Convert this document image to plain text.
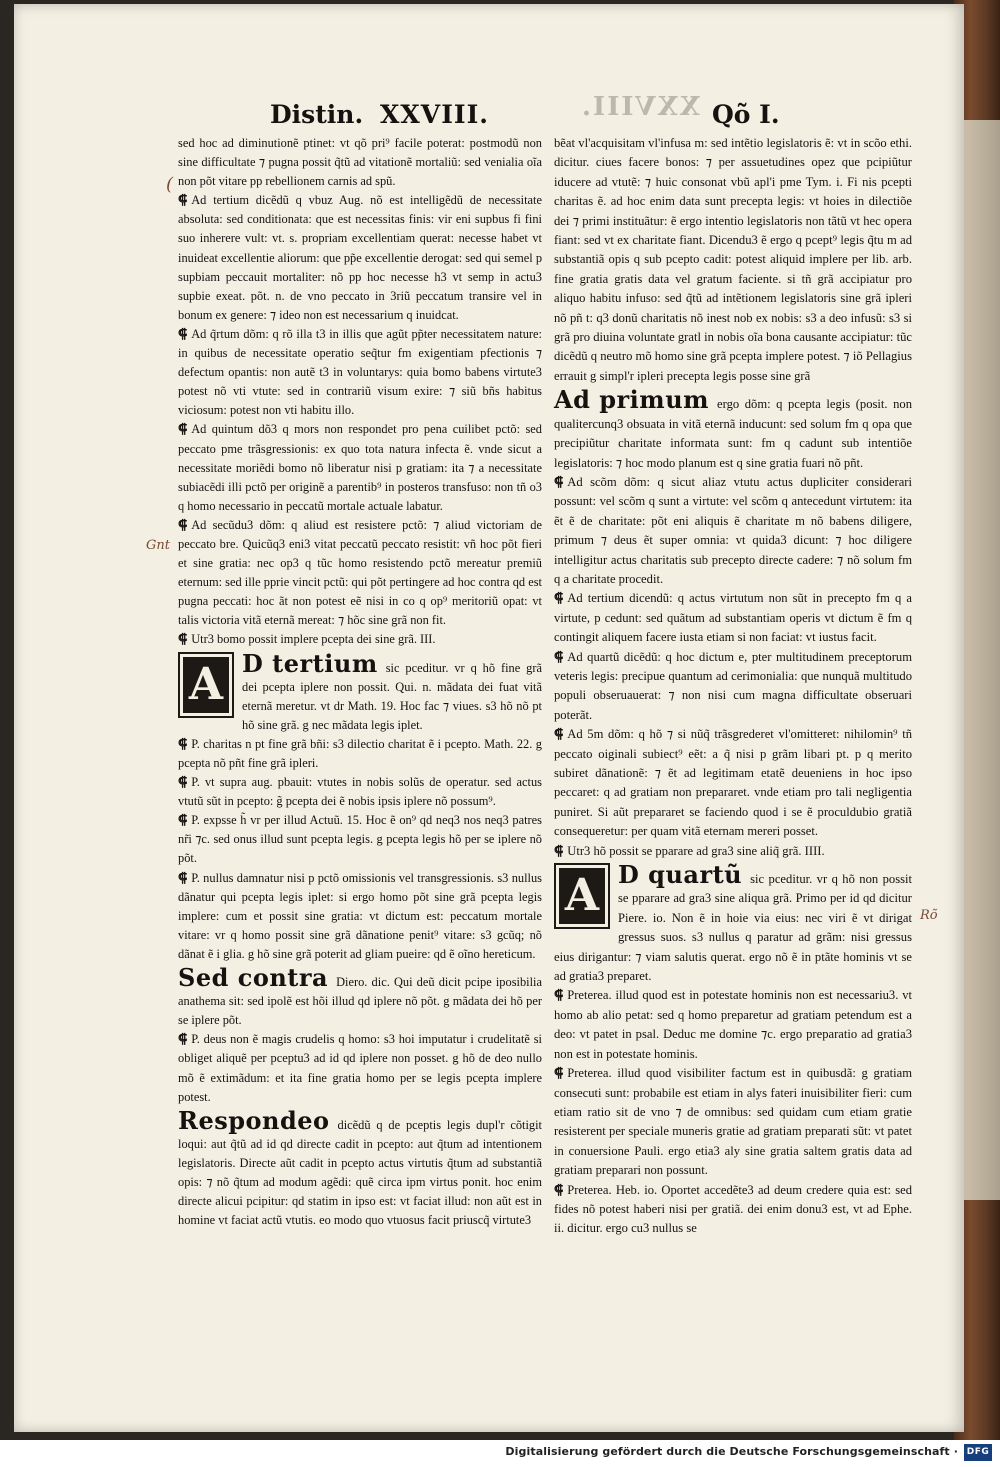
XXVIII.
Distin. XXVIII.	Qõ I.
(
Gnt
Rõ

sed hoc ad diminutionẽ ptinet: vt qõ pri⁹ facile poterat: postmodũ non sine difficultate ⁊ pugna possit q̃tũ ad vitationẽ mortaliũ: sed venialia oĩa non põt vitare pp rebellionem carnis ad spũ.

⸿ Ad tertium dicẽdũ q vbuz Aug. nõ est intelligẽdũ de necessitate absoluta: sed conditionata: que est necessitas finis: vir eni supbus fi fini suo inherere vult: vt. s. propriam excellentiam querat: necesse habet vt inuideat excellentie aliorum: que pp̃e excellentie derogat: sed qui semel p supbiam peccauit mortaliter: nõ pp hoc necesse h3 vt semp in actu3 supbie exeat. põt. n. de vno peccato in 3riũ peccatum transire vel in bonum ex genere: ⁊ ideo non est necessarium q inuidcat.

⸿ Ad q̃rtum dõm: q rõ illa t3 in illis que agũt pp̃ter necessitatem nature: in quibus de necessitate operatio seq̃tur fm exigentiam pfectionis ⁊ defectum opantis: non autẽ t3 in voluntarys: quia bomo babens virtute3 potest nõ vti vtute: sed in contrariũ visum exire: ⁊ siũ bñs habitus viciosum: potest non vti habitu illo.

⸿ Ad quintum dõ3 q mors non respondet pro pena cuilibet pctõ: sed peccato pme trãsgressionis: ex quo tota natura infecta ẽ. vnde sicut a necessitate moriẽdi bomo nõ liberatur nisi p gratiam: ita ⁊ a necessitate subiacẽdi illi pctõ per originẽ a parentib⁹ in posteros transfuso: non tñ o3 q homo necessario in peccatũ mortale actuale labatur.

⸿ Ad secũdu3 dõm: q aliud est resistere pctõ: ⁊ aliud victoriam de peccato bre. Quicũq3 eni3 vitat peccatũ peccato resistit: vñ hoc põt fieri et sine gratia: nec op3 q tũc homo resistendo pctõ mereatur premiũ eternum: sed ille pprie vincit pctũ: qui põt pertingere ad hoc contra qd est pugna peccati: hoc ãt non potest eẽ nisi in co q op⁹ meritoriũ opat: vt talis victoria vitã eternã mereat: ⁊ hõc sine grã non fit.

⸿ Utr3 bomo possit implere pcepta dei sine grã. III.

A D tertium sic pceditur. vr q hõ fine grã dei pcepta iplere non possit. Qui. n. mãdata dei fuat vitã eternã meretur. vt dr Math. 19. Hoc fac ⁊ viues. s3 hõ nõ pt hõ sine grã. g nec mãdata legis iplet.

⸿ P. charitas n pt fine grã bñi: s3 dilectio charitat ẽ i pcepto. Math. 22. g pcepta nõ pñt fine grã ipleri.

⸿ P. vt supra aug. pbauit: vtutes in nobis solũs de operatur. sed actus vtutũ sũt in pcepto: g̃ pcepta dei ẽ nobis ipsis iplere nõ possum⁹.

⸿ P. expsse h̃ vr per illud Actuũ. 15. Hoc ẽ on⁹ qd neq3 nos neq3 patres nr̃i ⁊c. sed onus illud sunt pcepta legis. g pcepta legis hõ per se iplere nõ põt.

⸿ P. nullus damnatur nisi p pctõ omissionis vel transgressionis. s3 nullus dãnatur qui pcepta legis iplet: si ergo homo põt sine grã pcepta legis implere: cum et possit sine gratia: vt dictum est: peccatum mortale vitare: vr q homo possit sine grã dãnatione penit⁹ vitare: s3 gcũq; nõ dãnat ẽ i glia. g hõ sine grã poterit ad gliam pueire: qd ẽ oĩno hereticum.

Sed contra Diero. dic. Qui deũ dicit pcipe iposibilia anathema sit: sed ipolẽ est hõi illud qd iplere nõ põt. g mãdata dei hõ per se iplere põt.

⸿ P. deus non ẽ magis crudelis q homo: s3 hoi imputatur i crudelitatẽ si obliget aliquẽ per pceptu3 ad id qd iplere non posset. g hõ de deo nullo mõ ẽ extimãdum: et ita fine gratia homo per se legis pcepta implere potest.

Respondeo dicẽdũ q de pceptis legis dupl'r cõtigit loqui: aut q̃tũ ad id qd directe cadit in pcepto: aut q̃tum ad intentionem legislatoris. Directe aũt cadit in pcepto actus virtutis q̃tum ad substantiã opis: ⁊ nõ q̃tum ad modum agẽdi: quẽ circa ipm virtus ponit. hoc enim directe alicui pcipitur: qd statim in ipso est: vt faciat illud: non aũt est in homine vt faciat actũ vtutis. eo modo quo vtuosus facit priuscq̃ virtute3

bẽat vl'acquisitam vl'infusa m: sed intẽtio legislatoris ẽ: vt in scõo ethi. dicitur. ciues facere bonos: ⁊ per assuetudines opez que pcipiũtur iducere ad vtutẽ: ⁊ huic consonat vbũ apl'i pme Tym. i. Fi nis pcepti charitas ẽ. ad hoc enim data sunt precepta legis: vt hoies in dilectiõe dei ⁊ primi instituãtur: ẽ ergo intentio legislatoris non tãtũ vt hec opera fiant: sed vt ex charitate fiant. Dicendu3 ẽ ergo q pcept⁹ legis q̃tu m ad substantiã opis q sub pcepto cadit: potest aliquid implere per lib. arb. fine gratia gratis data vel gratum faciente. si tñ grã accipiatur pro aliquo habitu infuso: sed q̃tũ ad intẽtionem legislatoris sine grã ipleri nõ pñ t: q3 donũ charitatis nõ inest nob ex nobis: s3 a deo infusũ: s3 si grã pro diuina voluntate gratl in nobis oĩa bona causante accipiatur: tũc dicẽdũ q neutro mõ homo sine grã pcepta implere potest. ⁊ iõ Pellagius errauit g simpl'r ipleri precepta legis posse sine grã

Ad primum ergo dõm: q pcepta legis (posit. non qualitercunq3 obsuata in vitã eternã inducunt: sed solum fm q opa que precipiũtur charitate informata sunt: fm q cadunt sub intentiõe legislatoris: ⁊ hoc modo planum est q sine gratia fuari nõ pñt.

⸿ Ad scõm dõm: q sicut aliaz vtutu actus dupliciter considerari possunt: vel scõm q sunt a virtute: vel scõm q antecedunt virtutem: ita ẽt ẽ de charitate: põt eni aliquis ẽ charitate m nõ babens diligere, primum ⁊ deus ẽt super omnia: vt quida3 dicunt: ⁊ hoc diligere intelligitur actus charitatis sub precepto directe cadere: ⁊ nõ solum fm q a charitate procedit.

⸿ Ad tertium dicendũ: q actus virtutum non sũt in precepto fm q a virtute, p cedunt: sed quãtum ad substantiam operis vt dictum ẽ fm q contingit aliquem facere iusta etiam si non faciat: vt iustus facit.

⸿ Ad quartũ dicẽdũ: q hoc dictum e, pter multitudinem preceptorum veteris legis: precipue quantum ad cerimonialia: que nunquã multitudo populi obseruauerat: ⁊ non nisi cum magna difficultate obseruari poterãt.

⸿ Ad 5m dõm: q hõ ⁊ si nũq̃ trãsgrederet vl'omitteret: nihilomin⁹ tñ peccato oiginali subiect⁹ eẽt: a q̃ nisi p grãm libari pt. p q merito subiret dãnationẽ: ⁊ ẽt ad legitimam etatẽ deueniens in hoc ipso peccaret: q ad gratiam non prepararet. vnde etiam pro tali negligentia puniret. Si aũt prepararet se faciendo quod i se ẽ proculdubio gratiã consequeretur: per quam vitã eternam mereri posset.

⸿ Utr3 hõ possit se pparare ad gra3 sine aliq̃ grã. IIII.

A D quartũ sic pceditur. vr q hõ non possit se pparare ad gra3 sine aliqua grã. Primo per id qd dicitur Piere. io. Non ẽ in hoie via eius: nec viri ẽ vt dirigat gressus suos. s3 nullus q paratur ad grãm: nisi gressus eius dirigantur: ⁊ viam salutis querat. ergo nõ ẽ in ptãte hominis vt se ad gratia3 preparet.

⸿ Preterea. illud quod est in potestate hominis non est necessariu3. vt homo ab alio petat: sed q homo preparetur ad gratiam petendum est a deo: vt patet in psal. Deduc me domine ⁊c. ergo preparatio ad gratia3 non est in potestate hominis.

⸿ Preterea. illud quod visibiliter factum est in quibusdã: g gratiam consecuti sunt: probabile est etiam in alys fateri inuisibiliter fieri: cum etiam ratio sit de vno ⁊ de omnibus: sed quidam cum etiam gratie resisterent per speciale muneris gratie ad gratiam preparati sũt: vt patet in conuersione Pauli. ergo etia3 aly sine gratia saltem gratis data ad gratiam preparari non possunt.

⸿ Preterea. Heb. io. Oportet accedẽte3 ad deum credere quia est: sed fides nõ potest haberi nisi per gratiã. dei enim donu3 est, vt ad Ephe. ii. dicitur. ergo cu3 nullus se

Digitalisierung gefördert durch die Deutsche Forschungsgemeinschaft · DFG
